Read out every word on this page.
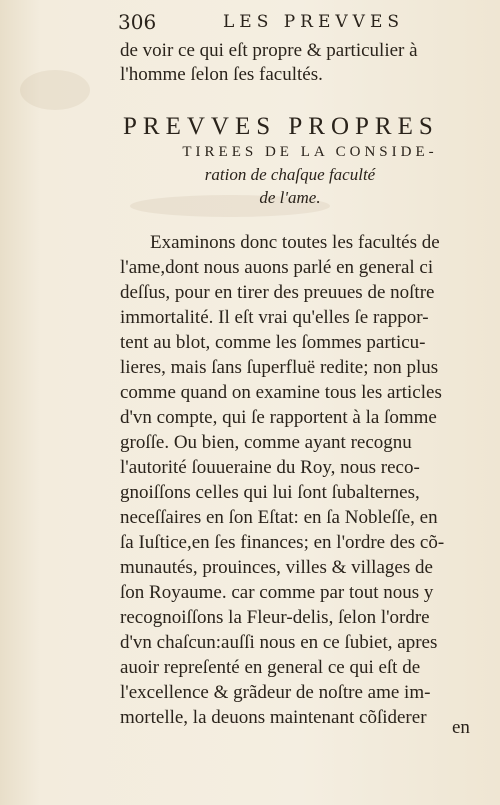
306	LES PREVVES
de voir ce qui eſt propre & particulier à
l'homme ſelon ſes facultés.
PREVVES PROPRES
TIREES DE LA CONSIDE-
ration de chaſque faculté
de l'ame.
Examinons donc toutes les facultés de
l'ame,dont nous auons parlé en general ci
deſſus, pour en tirer des preuues de noſtre
immortalité. Il eſt vrai qu'elles ſe rappor-
tent au blot, comme les ſommes particu-
lieres, mais ſans ſuperfluë redite; non plus
comme quand on examine tous les articles
d'vn compte, qui ſe rapportent à la ſomme
groſſe. Ou bien, comme ayant recognu
l'autorité ſouueraine du Roy, nous reco-
gnoiſſons celles qui lui ſont ſubalternes,
neceſſaires en ſon Eſtat: en ſa Nobleſſe, en
ſa Iuſtice,en ſes finances; en l'ordre des cõ-
munautés, prouinces, villes & villages de
ſon Royaume. car comme par tout nous y
recognoiſſons la Fleur-delis, ſelon l'ordre
d'vn chaſcun:auſſi nous en ce ſubiet, apres
auoir repreſenté en general ce qui eſt de
l'excellence & grãdeur de noſtre ame im-
mortelle, la deuons maintenant cõſiderer	en
